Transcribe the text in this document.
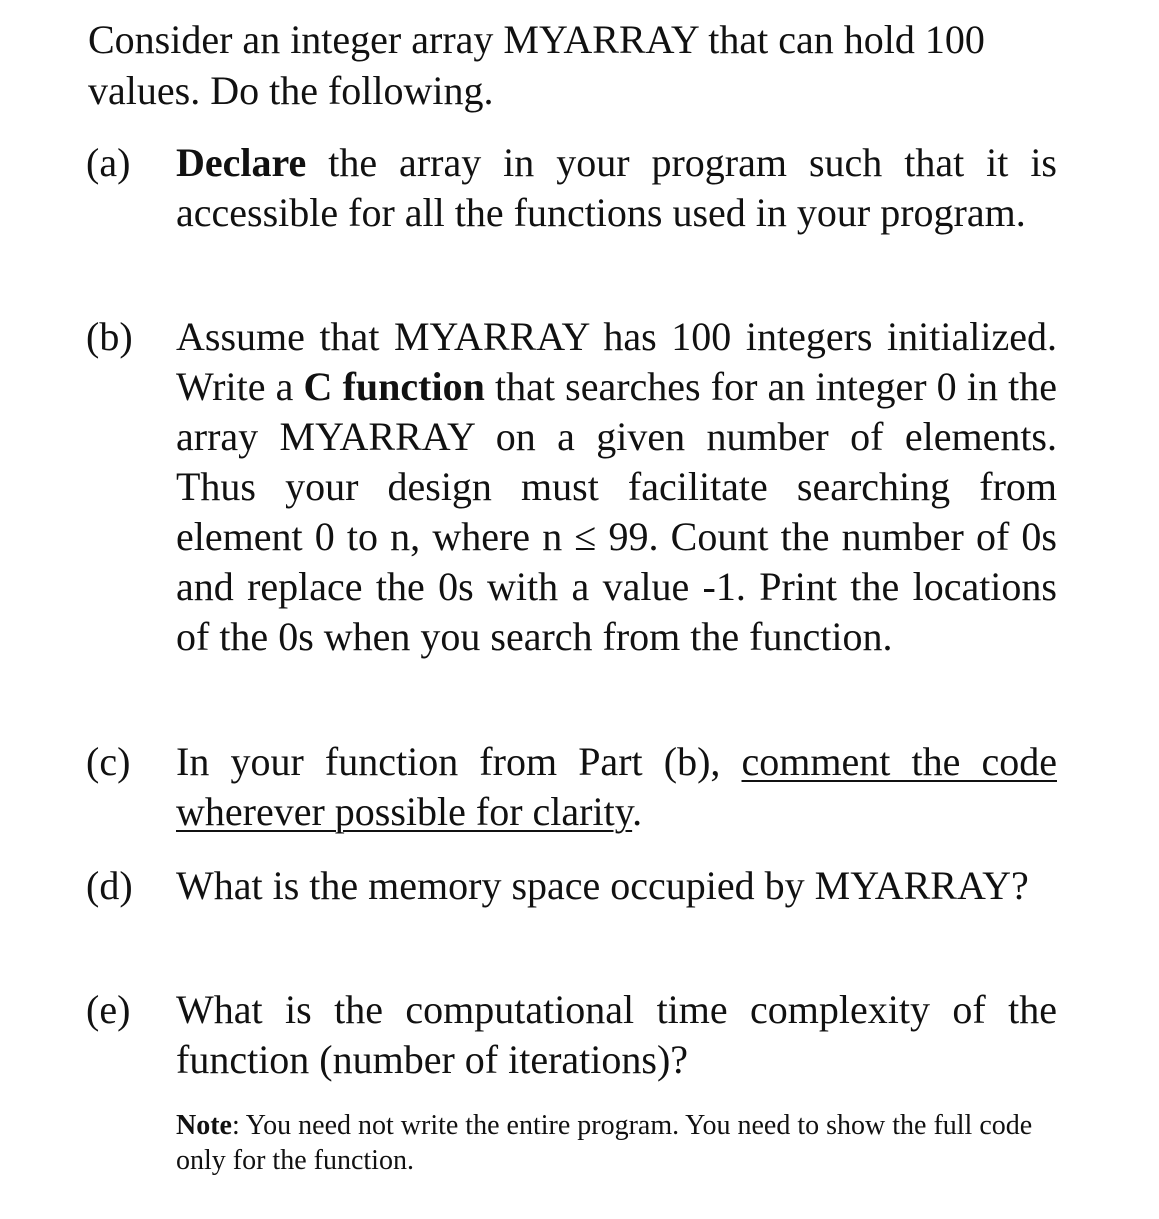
Consider an integer array MYARRAY that can hold 100 values. Do the following.

(a)	Declare the array in your program such that it is accessible for all the functions used in your program.
(b)	Assume that MYARRAY has 100 integers initialized. Write a C function that searches for an integer 0 in the array MYARRAY on a given number of elements. Thus your design must facilitate searching from element 0 to n, where n ≤ 99. Count the number of 0s and replace the 0s with a value -1. Print the locations of the 0s when you search from the function.
(c)	In your function from Part (b), comment the code wherever possible for clarity.
(d)	What is the memory space occupied by MYARRAY?
(e)	What is the computational time complexity of the function (number of iterations)?

Note: You need not write the entire program. You need to show the full code only for the function.
